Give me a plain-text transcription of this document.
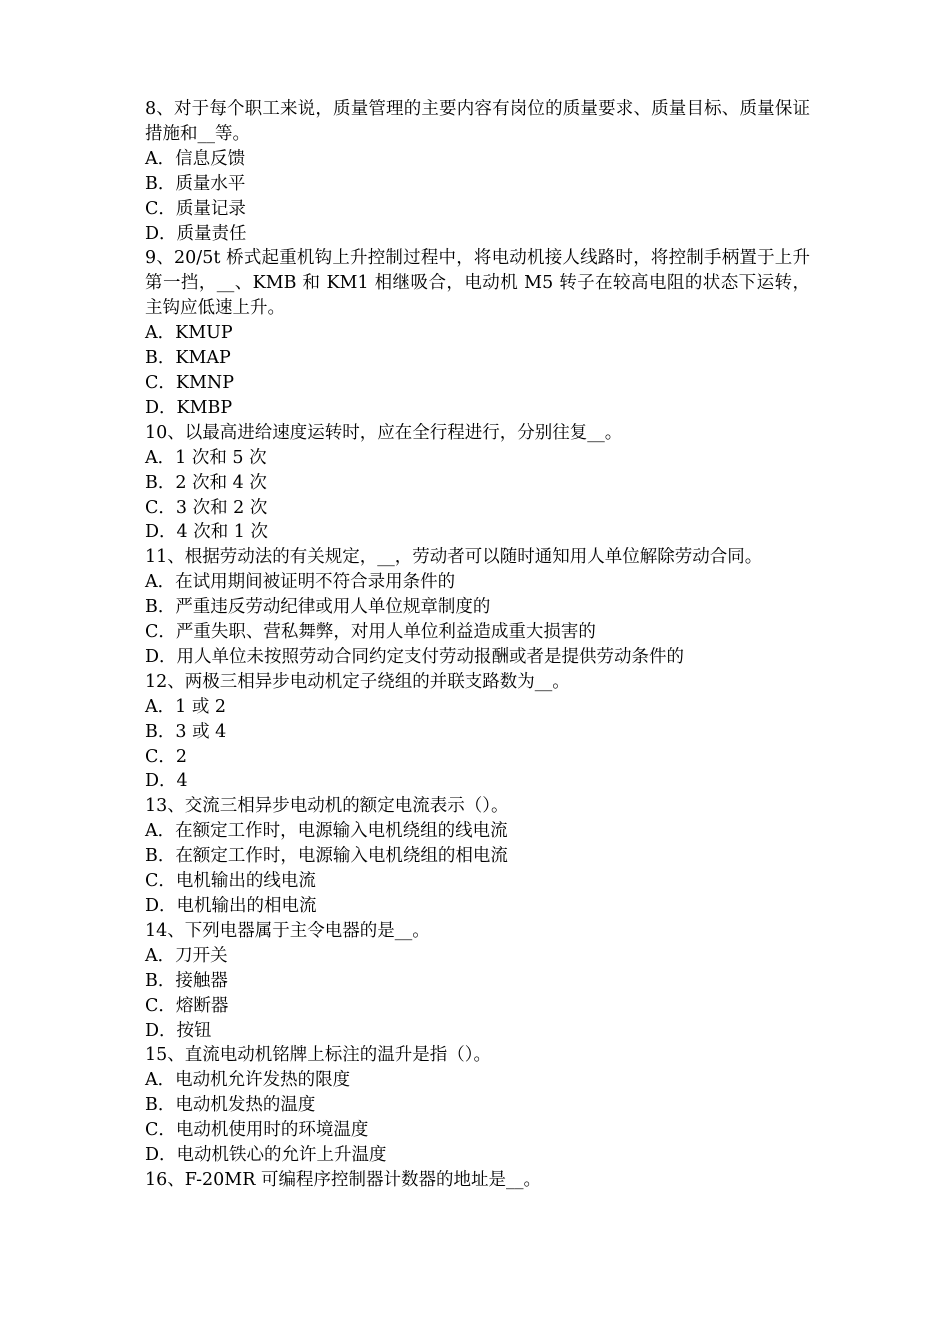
8、对于每个职工来说，质量管理的主要内容有岗位的质量要求、质量目标、质量保证措施和__等。
A．信息反馈
B．质量水平
C．质量记录
D．质量责任
9、20/5t 桥式起重机钩上升控制过程中，将电动机接人线路时，将控制手柄置于上升第一挡，__、KMB 和 KM1 相继吸合，电动机 M5 转子在较高电阻的状态下运转，主钩应低速上升。
A．KMUP
B．KMAP
C．KMNP
D．KMBP
10、以最高进给速度运转时，应在全行程进行，分别往复__。
A．1 次和 5 次
B．2 次和 4 次
C．3 次和 2 次
D．4 次和 1 次
11、根据劳动法的有关规定，__，劳动者可以随时通知用人单位解除劳动合同。
A．在试用期间被证明不符合录用条件的
B．严重违反劳动纪律或用人单位规章制度的
C．严重失职、营私舞弊，对用人单位利益造成重大损害的
D．用人单位未按照劳动合同约定支付劳动报酬或者是提供劳动条件的
12、两极三相异步电动机定子绕组的并联支路数为__。
A．1 或 2
B．3 或 4
C．2
D．4
13、交流三相异步电动机的额定电流表示（）。
A．在额定工作时，电源输入电机绕组的线电流
B．在额定工作时，电源输入电机绕组的相电流
C．电机输出的线电流
D．电机输出的相电流
14、下列电器属于主令电器的是__。
A．刀开关
B．接触器
C．熔断器
D．按钮
15、直流电动机铭牌上标注的温升是指（）。
A．电动机允许发热的限度
B．电动机发热的温度
C．电动机使用时的环境温度
D．电动机铁心的允许上升温度
16、F-20MR 可编程序控制器计数器的地址是__。
